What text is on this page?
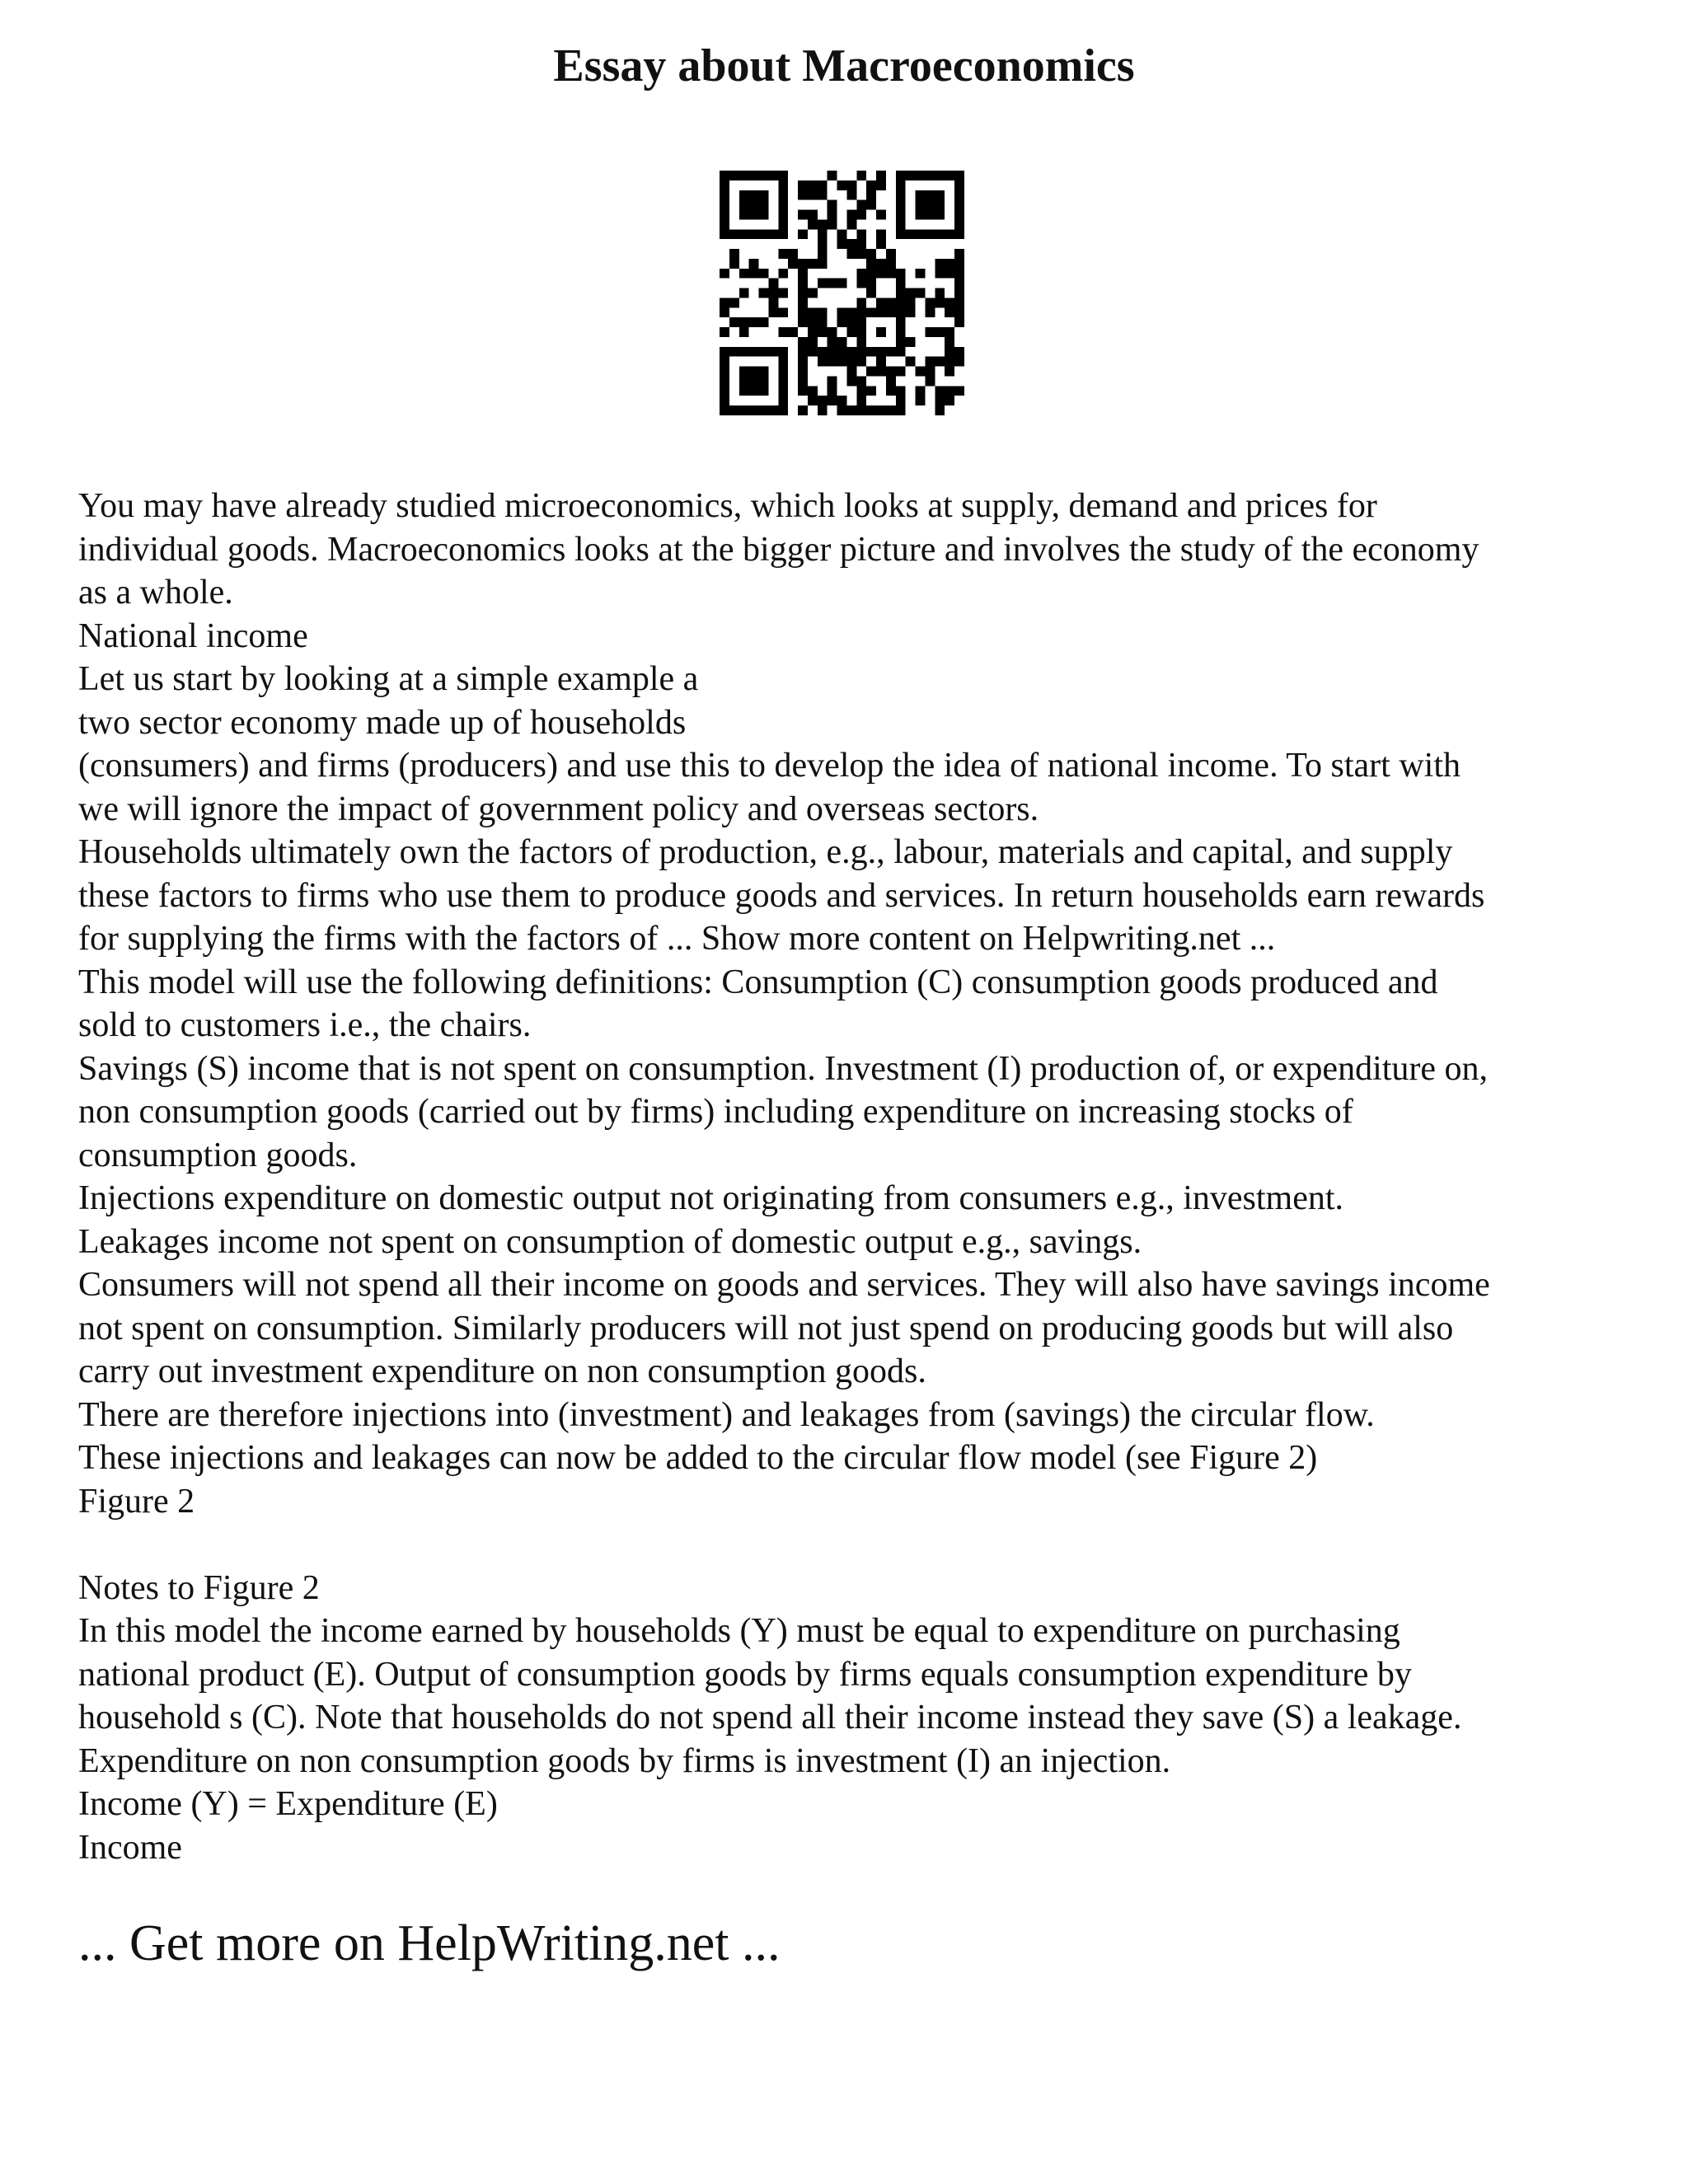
Essay about Macroeconomics
You may have already studied microeconomics, which looks at supply, demand and prices for
individual goods. Macroeconomics looks at the bigger picture and involves the study of the economy
as a whole.
National income
Let us start by looking at a simple example a
two sector economy made up of households
(consumers) and firms (producers) and use this to develop the idea of national income. To start with
we will ignore the impact of government policy and overseas sectors.
Households ultimately own the factors of production, e.g., labour, materials and capital, and supply
these factors to firms who use them to produce goods and services. In return households earn rewards
for supplying the firms with the factors of ... Show more content on Helpwriting.net ...
This model will use the following definitions: Consumption (C) consumption goods produced and
sold to customers i.e., the chairs.
Savings (S) income that is not spent on consumption. Investment (I) production of, or expenditure on,
non consumption goods (carried out by firms) including expenditure on increasing stocks of
consumption goods.
Injections expenditure on domestic output not originating from consumers e.g., investment.
Leakages income not spent on consumption of domestic output e.g., savings.
Consumers will not spend all their income on goods and services. They will also have savings income
not spent on consumption. Similarly producers will not just spend on producing goods but will also
carry out investment expenditure on non consumption goods.
There are therefore injections into (investment) and leakages from (savings) the circular flow.
These injections and leakages can now be added to the circular flow model (see Figure 2)
Figure 2
Notes to Figure 2
In this model the income earned by households (Y) must be equal to expenditure on purchasing
national product (E). Output of consumption goods by firms equals consumption expenditure by
household s (C). Note that households do not spend all their income instead they save (S) a leakage.
Expenditure on non consumption goods by firms is investment (I) an injection.
Income (Y) = Expenditure (E)
Income
... Get more on HelpWriting.net ...
